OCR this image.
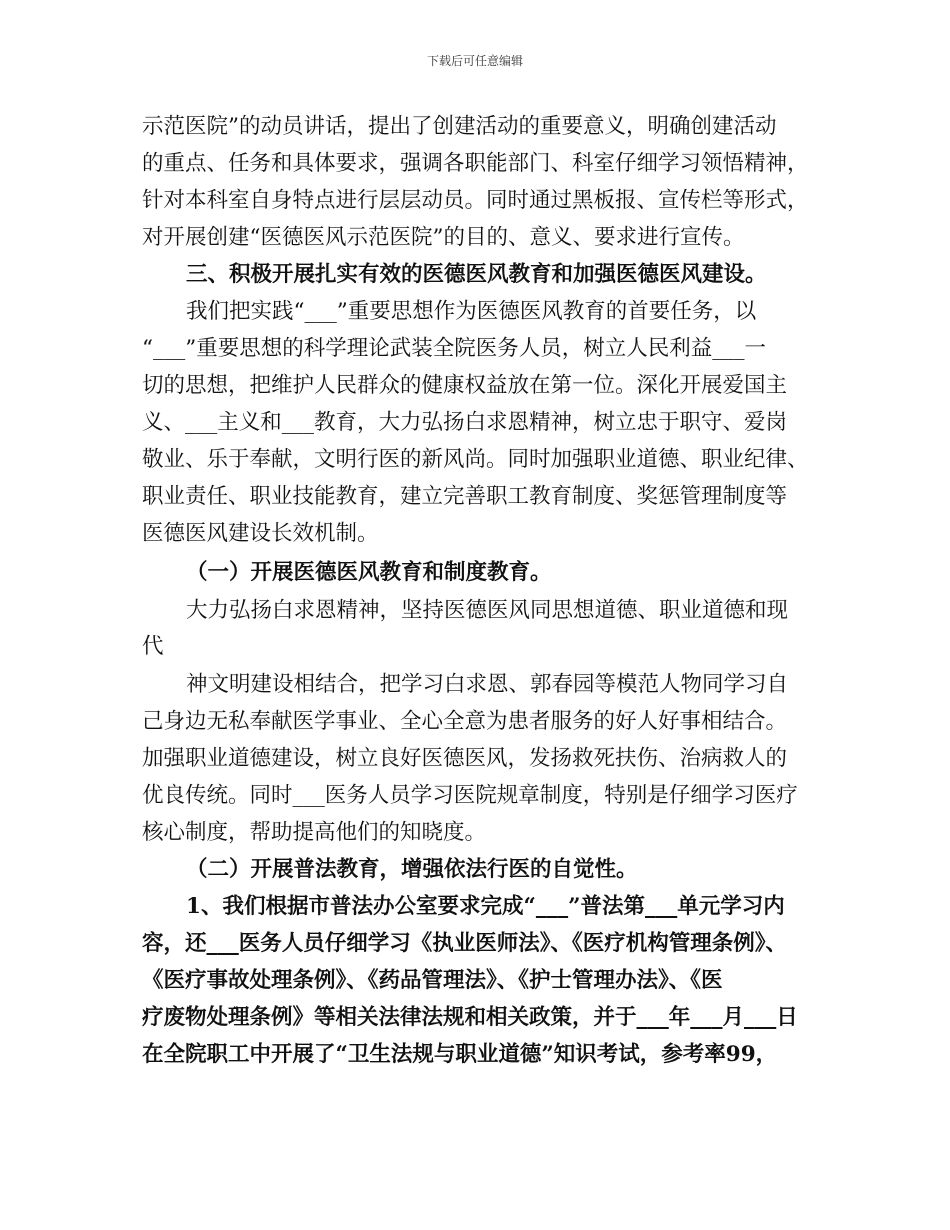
下载后可任意编辑
示范医院”的动员讲话，提出了创建活动的重要意义，明确创建活动
的重点、任务和具体要求，强调各职能部门、科室仔细学习领悟精神，
针对本科室自身特点进行层层动员。同时通过黑板报、宣传栏等形式，
对开展创建“医德医风示范医院”的目的、意义、要求进行宣传。
三、积极开展扎实有效的医德医风教育和加强医德医风建设。
我们把实践“___”重要思想作为医德医风教育的首要任务，以
“___”重要思想的科学理论武装全院医务人员，树立人民利益___一
切的思想，把维护人民群众的健康权益放在第一位。深化开展爱国主
义、___主义和___教育，大力弘扬白求恩精神，树立忠于职守、爱岗
敬业、乐于奉献，文明行医的新风尚。同时加强职业道德、职业纪律、
职业责任、职业技能教育，建立完善职工教育制度、奖惩管理制度等
医德医风建设长效机制。
（一）开展医德医风教育和制度教育。
大力弘扬白求恩精神，坚持医德医风同思想道德、职业道德和现
代
神文明建设相结合，把学习白求恩、郭春园等模范人物同学习自
己身边无私奉献医学事业、全心全意为患者服务的好人好事相结合。
加强职业道德建设，树立良好医德医风，发扬救死扶伤、治病救人的
优良传统。同时___医务人员学习医院规章制度，特别是仔细学习医疗
核心制度，帮助提高他们的知晓度。
（二）开展普法教育，增强依法行医的自觉性。
1、我们根据市普法办公室要求完成“___”普法第___单元学习内
容，还___医务人员仔细学习《执业医师法》、《医疗机构管理条例》、
《医疗事故处理条例》、《药品管理法》、《护士管理办法》、《医
疗废物处理条例》等相关法律法规和相关政策，并于___年___月___日
在全院职工中开展了“卫生法规与职业道德”知识考试，参考率99，
